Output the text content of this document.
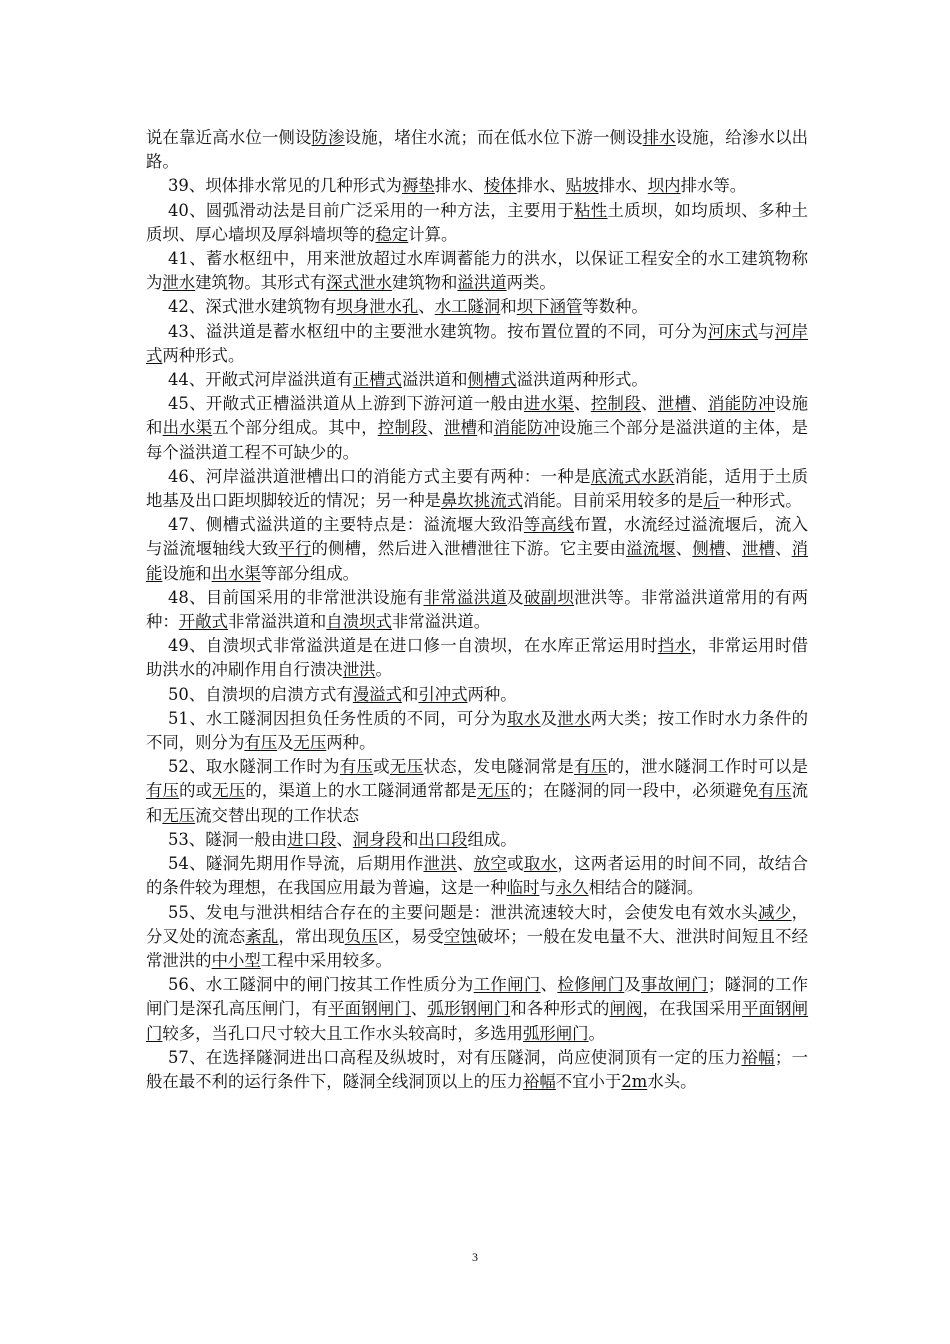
说在靠近高水位一侧设防渗设施，堵住水流；而在低水位下游一侧设排水设施，给渗水以出路。

39、坝体排水常见的几种形式为褥垫排水、棱体排水、贴坡排水、坝内排水等。

40、圆弧滑动法是目前广泛采用的一种方法，主要用于粘性土质坝，如均质坝、多种土质坝、厚心墙坝及厚斜墙坝等的稳定计算。

41、蓄水枢纽中，用来泄放超过水库调蓄能力的洪水，以保证工程安全的水工建筑物称为泄水建筑物。其形式有深式泄水建筑物和溢洪道两类。

42、深式泄水建筑物有坝身泄水孔、水工隧洞和坝下涵管等数种。

43、溢洪道是蓄水枢纽中的主要泄水建筑物。按布置位置的不同，可分为河床式与河岸式两种形式。

44、开敞式河岸溢洪道有正槽式溢洪道和侧槽式溢洪道两种形式。

45、开敞式正槽溢洪道从上游到下游河道一般由进水渠、控制段、泄槽、消能防冲设施和出水渠五个部分组成。其中，控制段、泄槽和消能防冲设施三个部分是溢洪道的主体，是每个溢洪道工程不可缺少的。

46、河岸溢洪道泄槽出口的消能方式主要有两种：一种是底流式水跃消能，适用于土质地基及出口距坝脚较近的情况；另一种是鼻坎挑流式消能。目前采用较多的是后一种形式。

47、侧槽式溢洪道的主要特点是：溢流堰大致沿等高线布置，水流经过溢流堰后，流入与溢流堰轴线大致平行的侧槽，然后进入泄槽泄往下游。它主要由溢流堰、侧槽、泄槽、消能设施和出水渠等部分组成。

48、目前国采用的非常泄洪设施有非常溢洪道及破副坝泄洪等。非常溢洪道常用的有两种：开敞式非常溢洪道和自溃坝式非常溢洪道。

49、自溃坝式非常溢洪道是在进口修一自溃坝，在水库正常运用时挡水，非常运用时借助洪水的冲刷作用自行溃决泄洪。

50、自溃坝的启溃方式有漫溢式和引冲式两种。

51、水工隧洞因担负任务性质的不同，可分为取水及泄水两大类；按工作时水力条件的不同，则分为有压及无压两种。

52、取水隧洞工作时为有压或无压状态，发电隧洞常是有压的，泄水隧洞工作时可以是有压的或无压的，渠道上的水工隧洞通常都是无压的；在隧洞的同一段中，必须避免有压流和无压流交替出现的工作状态

53、隧洞一般由进口段、洞身段和出口段组成。

54、隧洞先期用作导流，后期用作泄洪、放空或取水，这两者运用的时间不同，故结合的条件较为理想，在我国应用最为普遍，这是一种临时与永久相结合的隧洞。

55、发电与泄洪相结合存在的主要问题是：泄洪流速较大时，会使发电有效水头减少，分叉处的流态紊乱，常出现负压区，易受空蚀破坏；一般在发电量不大、泄洪时间短且不经常泄洪的中小型工程中采用较多。

56、水工隧洞中的闸门按其工作性质分为工作闸门、检修闸门及事故闸门；隧洞的工作闸门是深孔高压闸门，有平面钢闸门、弧形钢闸门和各种形式的闸阀，在我国采用平面钢闸门较多，当孔口尺寸较大且工作水头较高时，多选用弧形闸门。

57、在选择隧洞进出口高程及纵坡时，对有压隧洞，尚应使洞顶有一定的压力裕幅；一般在最不利的运行条件下，隧洞全线洞顶以上的压力裕幅不宜小于2m水头。

3
